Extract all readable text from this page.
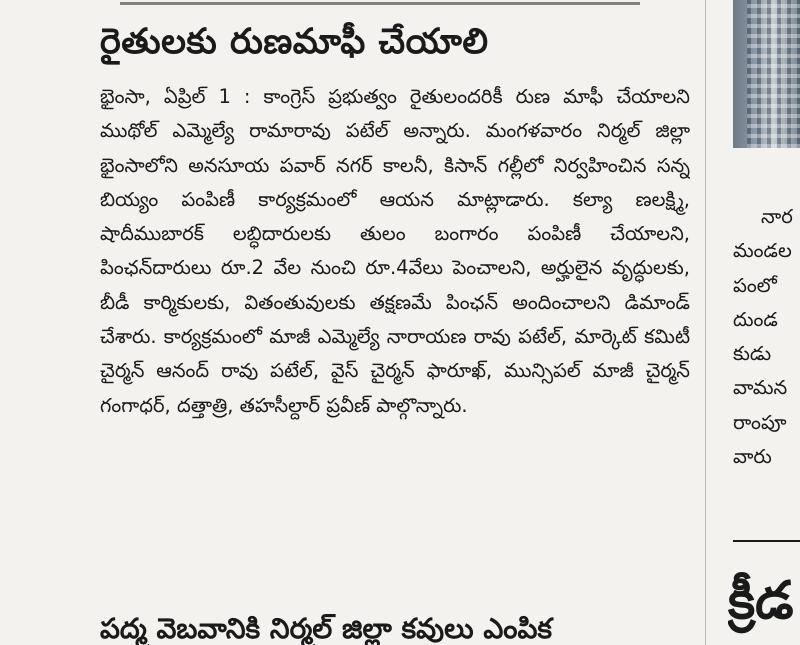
రైతులకు రుణమాఫీ చేయాలి

భైంసా, ఏప్రిల్ 1 : కాంగ్రెస్ ప్రభుత్వం రైతులందరికీ రుణ మాఫీ చేయాలని ముథోల్ ఎమ్మెల్యే రామారావు పటేల్ అన్నారు. మంగళవారం నిర్మల్ జిల్లా భైంసాలోని అనసూయ పవార్ నగర్ కాలనీ, కిసాన్ గల్లీలో నిర్వహించిన సన్న బియ్యం పంపిణీ కార్యక్రమంలో ఆయన మాట్లాడారు. కల్యా ణలక్ష్మి, షాదీముబారక్ లబ్ధిదారులకు తులం బంగారం పంపిణీ చేయాలని, పింఛన్‌దారులు రూ.2 వేల నుంచి రూ.4వేలు పెంచాలని, అర్హులైన వృద్ధులకు, బీడీ కార్మికులకు, వితంతువులకు తక్షణమే పింఛన్ అందించాలని డిమాండ్ చేశారు. కార్యక్రమంలో మాజీ ఎమ్మెల్యే నారాయణ రావు పటేల్, మార్కెట్ కమిటీ చైర్మన్ ఆనంద్ రావు పటేల్, వైస్ చైర్మన్ ఫారూఖ్, మున్సిపల్ మాజీ చైర్మన్ గంగాధర్, దత్తాత్రి, తహసీల్దార్ ప్రవీణ్ పాల్గొన్నారు.

పద్మ వెబవానికి నిర్మల్ జిల్లా కవులు ఎంపిక
నార
మండల
పంలో
దుండ
కుడు
వామన
రాంపూ
వారు
క్రీడ
